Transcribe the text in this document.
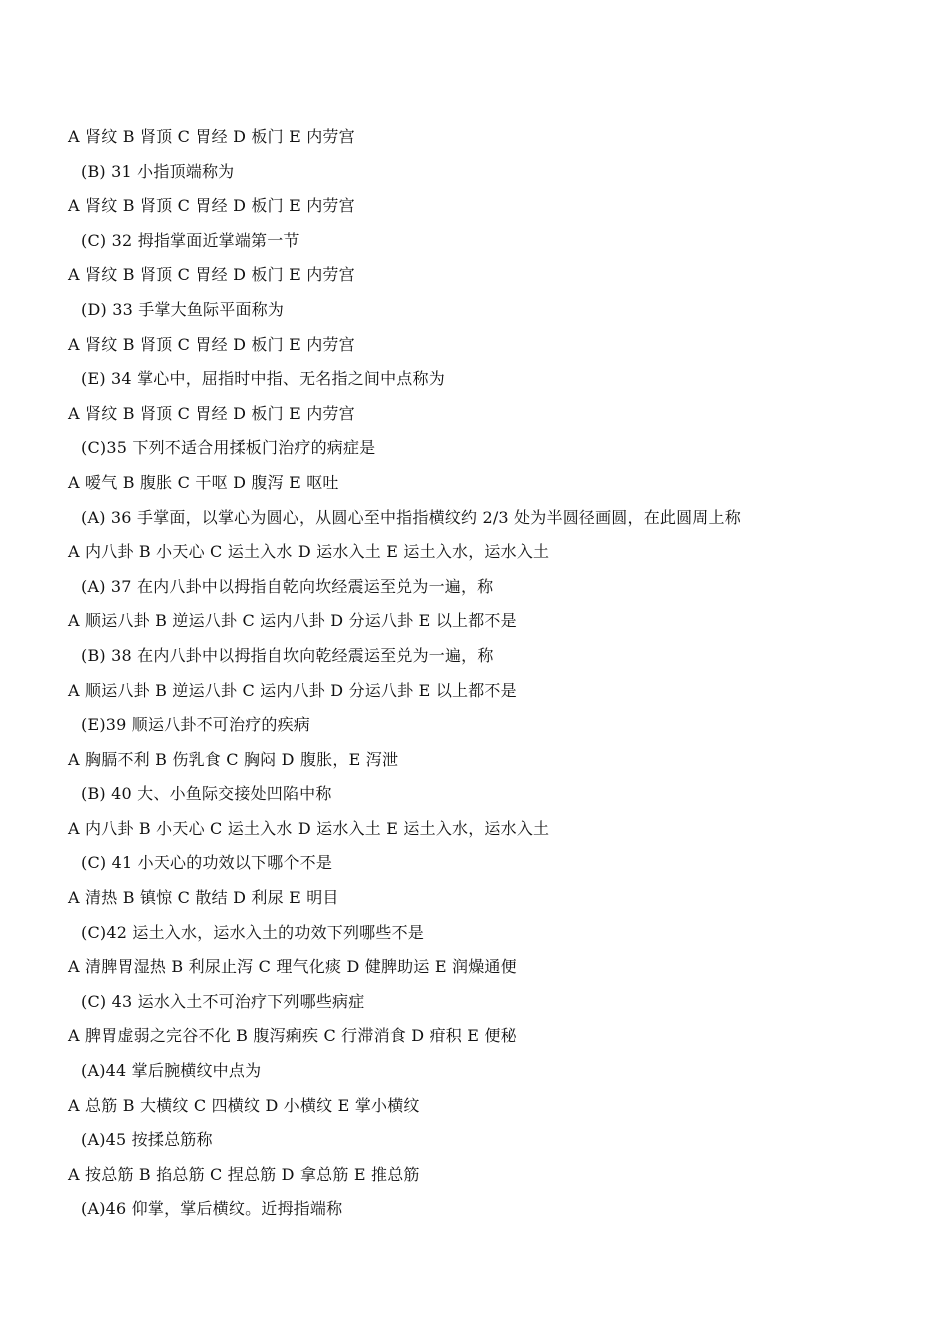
A 肾纹 B 肾顶 C 胃经 D 板门 E 内劳宫
(B) 31 小指顶端称为
A 肾纹 B 肾顶 C 胃经 D 板门 E 内劳宫
(C) 32 拇指掌面近掌端第一节
A 肾纹 B 肾顶 C 胃经 D 板门 E 内劳宫
(D) 33 手掌大鱼际平面称为
A 肾纹 B 肾顶 C 胃经 D 板门 E 内劳宫
(E) 34 掌心中，屈指时中指、无名指之间中点称为
A 肾纹 B 肾顶 C 胃经 D 板门 E 内劳宫
(C)35 下列不适合用揉板门治疗的病症是
A 嗳气 B 腹胀 C 干呕 D 腹泻 E 呕吐
(A) 36 手掌面，以掌心为圆心，从圆心至中指指横纹约 2/3 处为半圆径画圆，在此圆周上称
A 内八卦 B 小天心 C 运土入水 D 运水入土 E 运土入水，运水入土
(A) 37 在内八卦中以拇指自乾向坎经震运至兑为一遍，称
A 顺运八卦 B 逆运八卦 C 运内八卦 D 分运八卦 E 以上都不是
(B) 38 在内八卦中以拇指自坎向乾经震运至兑为一遍，称
A 顺运八卦 B 逆运八卦 C 运内八卦 D 分运八卦 E 以上都不是
(E)39 顺运八卦不可治疗的疾病
A 胸膈不利 B 伤乳食 C 胸闷 D 腹胀，E 泻泄
(B) 40 大、小鱼际交接处凹陷中称
A 内八卦 B 小天心 C 运土入水 D 运水入土 E 运土入水，运水入土
(C) 41 小天心的功效以下哪个不是
A 清热 B 镇惊 C 散结 D 利尿 E 明目
(C)42 运土入水，运水入土的功效下列哪些不是
A 清脾胃湿热 B 利尿止泻 C 理气化痰 D 健脾助运 E 润燥通便
(C) 43 运水入土不可治疗下列哪些病症
A 脾胃虚弱之完谷不化 B 腹泻痢疾 C 行滞消食 D 疳积 E 便秘
(A)44 掌后腕横纹中点为
A 总筋 B 大横纹 C 四横纹 D 小横纹 E 掌小横纹
(A)45 按揉总筋称
A 按总筋 B 掐总筋 C 捏总筋 D 拿总筋 E 推总筋
(A)46 仰掌，掌后横纹。近拇指端称
